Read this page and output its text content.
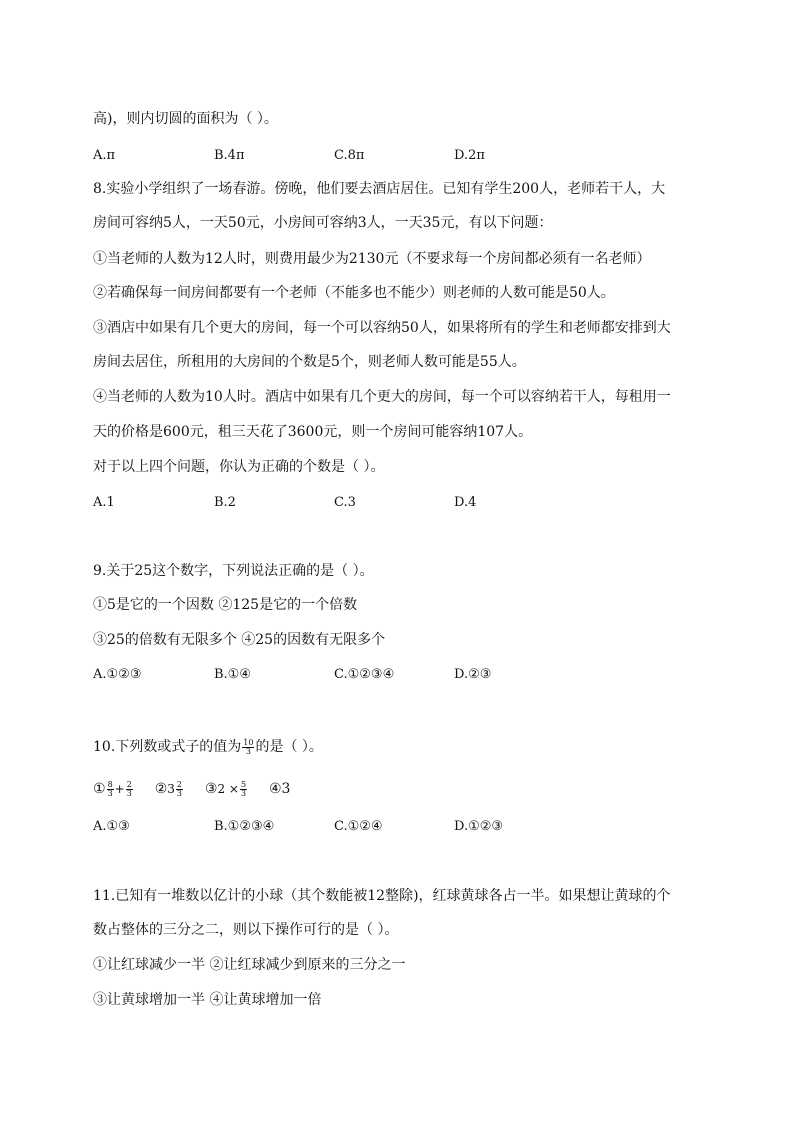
高)，则内切圆的面积为（ ）。
A.π	B.4π	C.8π	D.2π
8.实验小学组织了一场春游。傍晚，他们要去酒店居住。已知有学生200人，老师若干人，大
房间可容纳5人，一天50元，小房间可容纳3人，一天35元，有以下问题：
①当老师的人数为12人时，则费用最少为2130元（不要求每一个房间都必须有一名老师）
②若确保每一间房间都要有一个老师（不能多也不能少）则老师的人数可能是50人。
③酒店中如果有几个更大的房间，每一个可以容纳50人，如果将所有的学生和老师都安排到大
房间去居住，所租用的大房间的个数是5个，则老师人数可能是55人。
④当老师的人数为10人时。酒店中如果有几个更大的房间，每一个可以容纳若干人，每租用一
天的价格是600元，租三天花了3600元，则一个房间可能容纳107人。
对于以上四个问题，你认为正确的个数是（ ）。
A.1	B.2	C.3	D.4
9.关于25这个数字，下列说法正确的是（ ）。
①5是它的一个因数 ②125是它的一个倍数
③25的倍数有无限多个 ④25的因数有无限多个
A.①②③	B.①④	C.①②③④	D.②③
10.下列数或式子的值为 $\frac{10}{3}$ 的是（ ）。
① $\frac{8}{3} + \frac{2}{3}$ ②3 $\frac{2}{3}$ ③2 × $\frac{5}{3}$ ④3
A.①③	B.①②③④	C.①②④	D.①②③
11.已知有一堆数以亿计的小球（其个数能被12整除)，红球黄球各占一半。如果想让黄球的个
数占整体的三分之二，则以下操作可行的是（ ）。
①让红球减少一半 ②让红球减少到原来的三分之一
③让黄球增加一半 ④让黄球增加一倍
